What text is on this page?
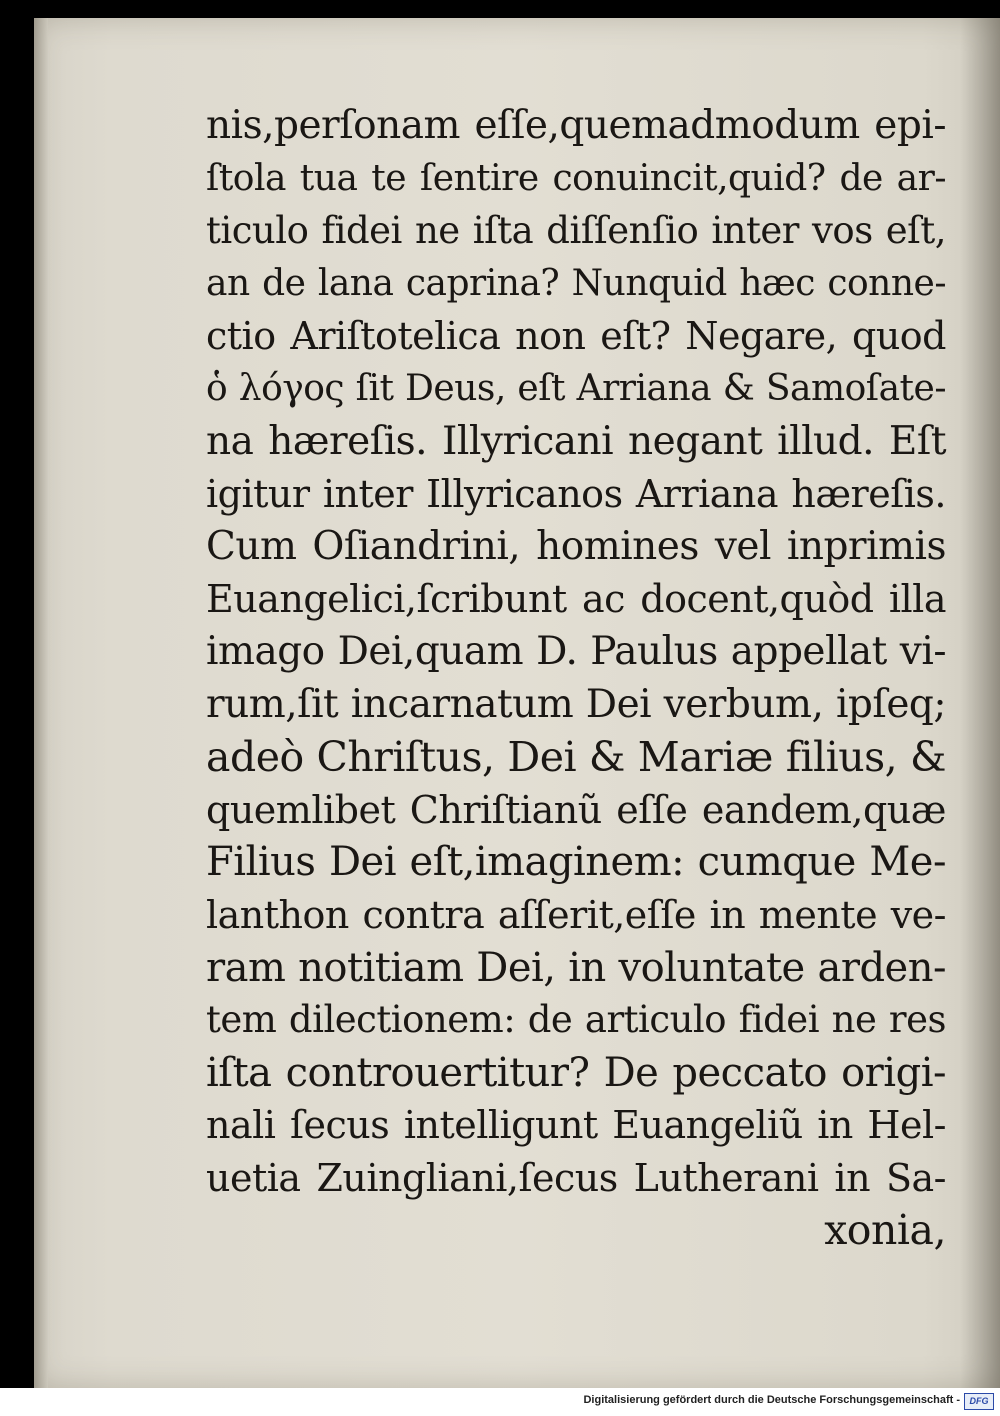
nis,perſonam eſſe,quemadmodum epi-
ſtola tua te ſentire conuincit,quid? de ar-
ticulo fidei ne iſta diſſenſio inter vos eſt,
an de lana caprina? Nunquid hæc conne-
ctio Ariſtotelica non eſt? Negare, quod
ὁ λόγος ſit Deus, eſt Arriana & Samoſate-
na hæreſis. Illyricani negant illud. Eſt
igitur inter Illyricanos Arriana hæreſis.
Cum Oſiandrini, homines vel inprimis
Euangelici,ſcribunt ac docent,quòd illa
imago Dei,quam D. Paulus appellat vi-
rum,ſit incarnatum Dei verbum, ipſeq;
adeò Chriſtus, Dei & Mariæ filius, &
quemlibet Chriſtianũ eſſe eandem,quæ
Filius Dei eſt,imaginem: cumque Me-
lanthon contra aſſerit,eſſe in mente ve-
ram notitiam Dei, in voluntate arden-
tem dilectionem: de articulo fidei ne res
iſta controuertitur? De peccato origi-
nali ſecus intelligunt Euangeliũ in Hel-
uetia Zuingliani,ſecus Lutherani in Sa-
xonia,
Digitalisierung gefördert durch die Deutsche Forschungsgemeinschaft -	DFG
